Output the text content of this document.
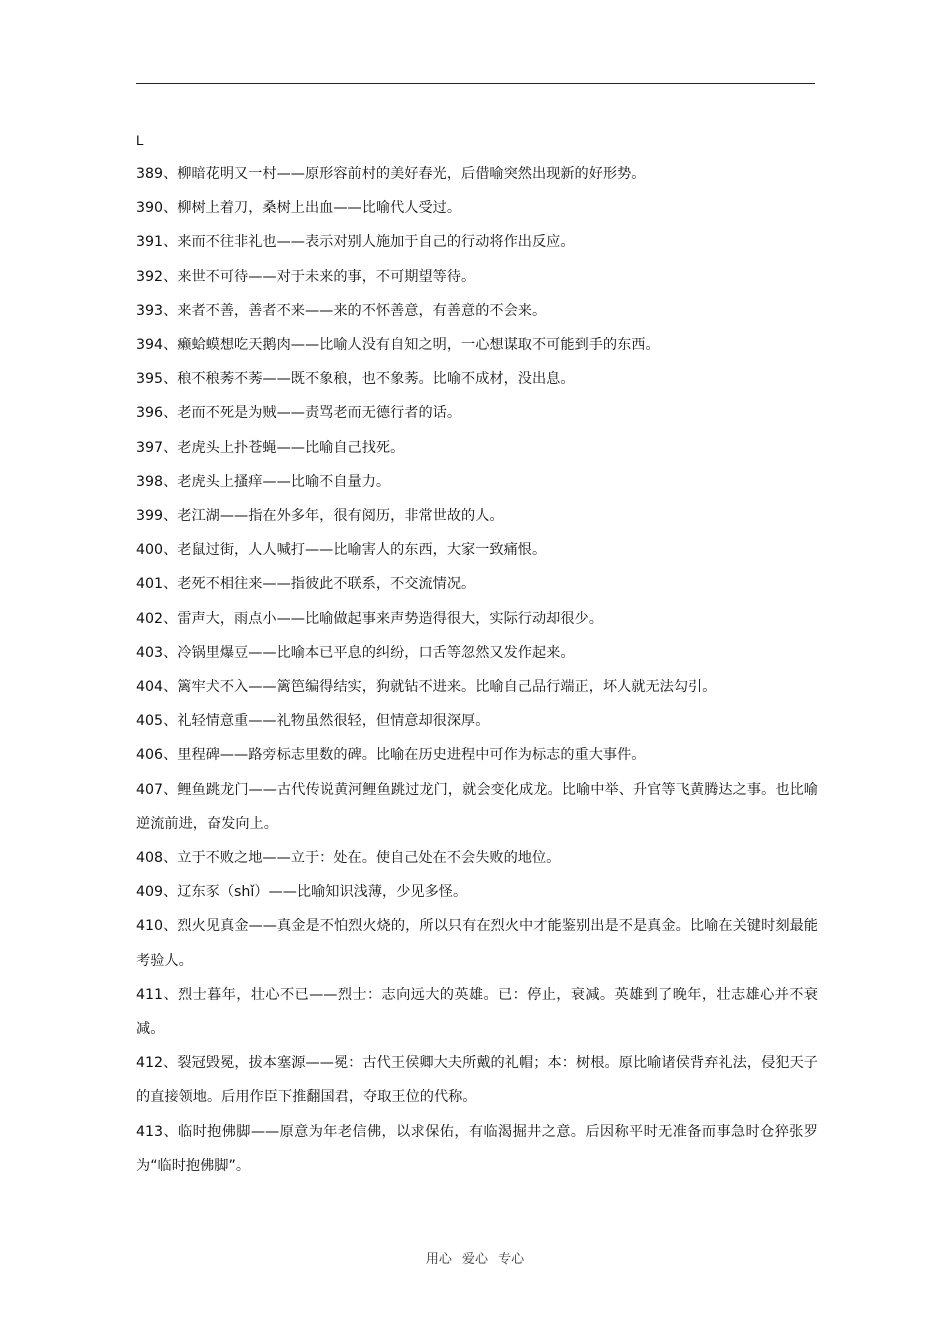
L

389、柳暗花明又一村——原形容前村的美好春光，后借喻突然出现新的好形势。

390、柳树上着刀，桑树上出血——比喻代人受过。

391、来而不往非礼也——表示对别人施加于自己的行动将作出反应。

392、来世不可待——对于未来的事，不可期望等待。

393、来者不善，善者不来——来的不怀善意，有善意的不会来。

394、癞蛤蟆想吃天鹅肉——比喻人没有自知之明，一心想谋取不可能到手的东西。

395、稂不稂莠不莠——既不象稂，也不象莠。比喻不成材，没出息。

396、老而不死是为贼——责骂老而无德行者的话。

397、老虎头上扑苍蝇——比喻自己找死。

398、老虎头上搔痒——比喻不自量力。

399、老江湖——指在外多年，很有阅历，非常世故的人。

400、老鼠过街，人人喊打——比喻害人的东西，大家一致痛恨。

401、老死不相往来——指彼此不联系，不交流情况。

402、雷声大，雨点小——比喻做起事来声势造得很大，实际行动却很少。

403、冷锅里爆豆——比喻本已平息的纠纷，口舌等忽然又发作起来。

404、篱牢犬不入——篱笆编得结实，狗就钻不进来。比喻自己品行端正，坏人就无法勾引。

405、礼轻情意重——礼物虽然很轻，但情意却很深厚。

406、里程碑——路旁标志里数的碑。比喻在历史进程中可作为标志的重大事件。

407、鲤鱼跳龙门——古代传说黄河鲤鱼跳过龙门，就会变化成龙。比喻中举、升官等飞黄腾达之事。也比喻逆流前进，奋发向上。

408、立于不败之地——立于：处在。使自己处在不会失败的地位。

409、辽东豕（shǐ）——比喻知识浅薄，少见多怪。

410、烈火见真金——真金是不怕烈火烧的，所以只有在烈火中才能鉴别出是不是真金。比喻在关键时刻最能考验人。

411、烈士暮年，壮心不已——烈士：志向远大的英雄。已：停止，衰减。英雄到了晚年，壮志雄心并不衰减。

412、裂冠毁冕，拔本塞源——冕：古代王侯卿大夫所戴的礼帽；本：树根。原比喻诸侯背弃礼法，侵犯天子的直接领地。后用作臣下推翻国君，夺取王位的代称。

413、临时抱佛脚——原意为年老信佛，以求保佑，有临渴掘井之意。后因称平时无准备而事急时仓猝张罗为“临时抱佛脚”。

用心 爱心 专心
